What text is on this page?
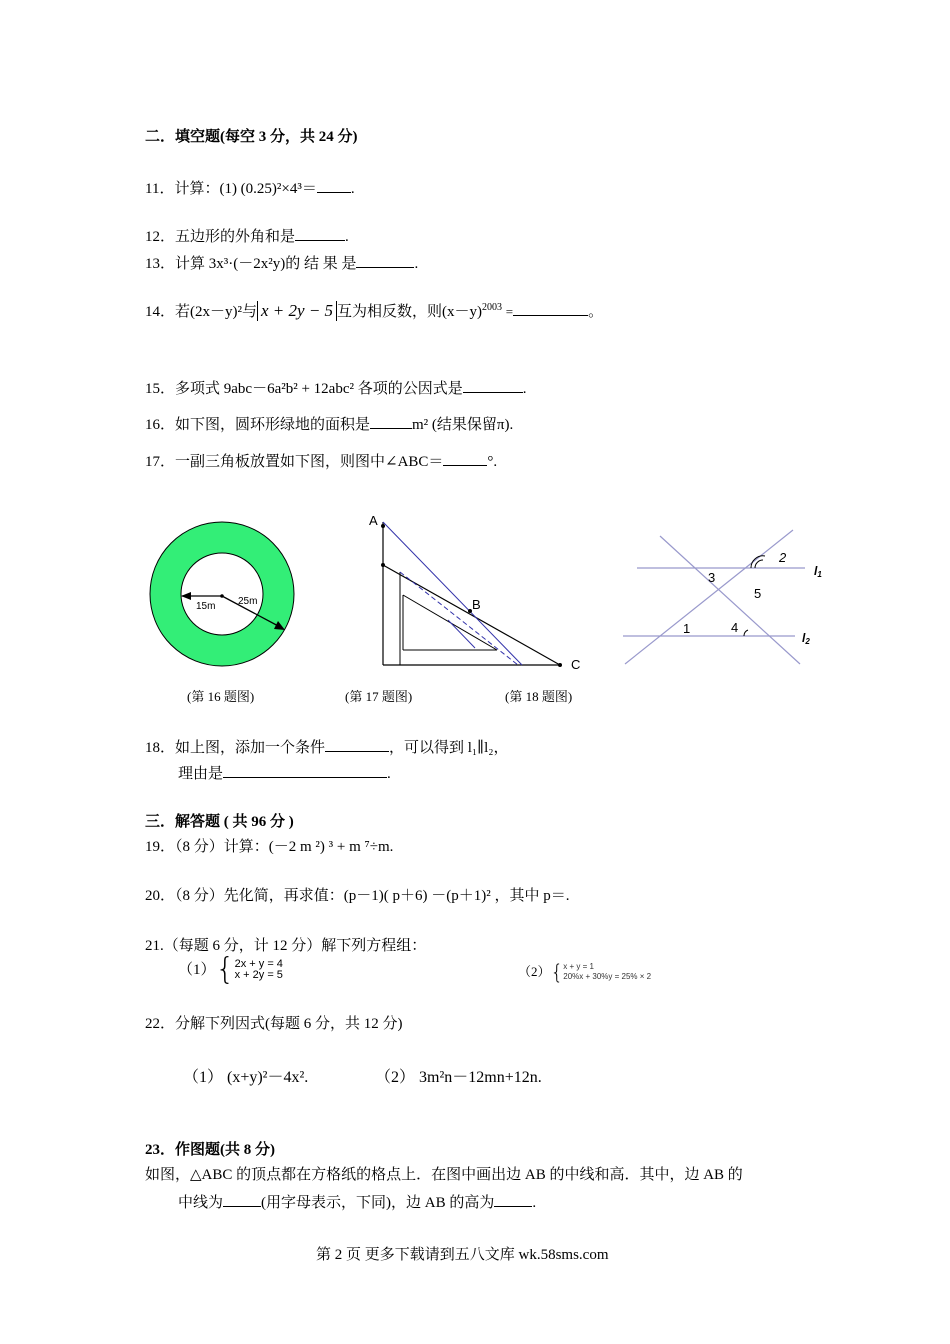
二．填空题(每空 3 分，共 24 分)
11．计算：(1) (0.25)²×4³＝ .
12．五边形的外角和是	.
13．计算 3x³·(－2x²y)的 结 果 是	.
14．若(2x－y)²与 x + 2y − 5 互为相反数，则$(x-y)^{2003}$ =	。
15．多项式 9abc－6a²b² + 12abc² 各项的公因式是	.
16．如下图，圆环形绿地的面积是	m² (结果保留π).
17．一副三角板放置如下图，则图中∠ABC＝	°.
15m 25m
A
B
C
2
3
5
1	4
l1
l2
(第 16 题图)	(第 17 题图)	(第 18 题图)
18．如上图，添加一个条件	，可以得到 l₁∥l₂，
理由是	.
三．解答题 ( 共 96 分 )
19．（8 分）计算：(－2 m ²) ³ + m ⁷÷m.
20．（8 分）先化简，再求值：(p－1)( p＋6) －(p＋1)² ，其中 p＝.
21.（每题 6 分，计 12 分）解下列方程组：
（1）{2x + y = 4
x + 2y = 5	（2）{x + y = 1
20%x + 30%y = 25% × 2
22．分解下列因式(每题 6 分，共 12 分)
（1） (x+y)²－4x².	（2） 3m²n－12mn+12n.
23．作图题(共 8 分)
如图，△ABC 的顶点都在方格纸的格点上．在图中画出边 AB 的中线和高．其中，边 AB 的
中线为	(用字母表示，下同)，边 AB 的高为	.
第 2 页 更多下载请到五八文库 wk.58sms.com
